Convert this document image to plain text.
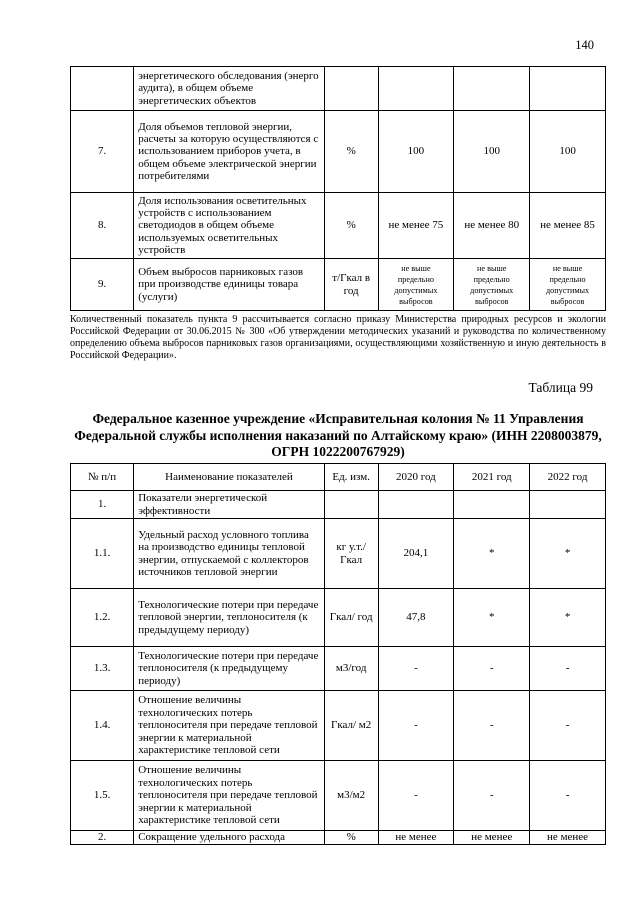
140
	энергетического обследования (энерго аудита), в общем объеме энергетических объектов				
7.	Доля объемов тепловой энергии, расчеты за которую осуществляются с использованием приборов учета, в общем объеме электрической энергии потребителями	%	100	100	100
8.	Доля использования осветительных устройств с использованием светодиодов в общем объеме используемых осветительных устройств	%	не менее 75	не менее 80	не менее 85
9.	Объем выбросов парниковых газов при производстве единицы товара (услуги)	т/Гкал в год	не выше предельно допустимых выбросов	не выше предельно допустимых выбросов	не выше предельно допустимых выбросов
Количественный показатель пункта 9 рассчитывается согласно приказу Министерства природных ресурсов и экологии Российской Федерации от 30.06.2015 № 300 «Об утверждении методических указаний и руководства по количественному определению объема выбросов парниковых газов организациями, осуществляющими хозяйственную и иную деятельность в Российской Федерации».
Таблица 99
Федеральное казенное учреждение «Исправительная колония № 11 Управления Федеральной службы исполнения наказаний по Алтайскому краю» (ИНН 2208003879, ОГРН 1022200767929)
№ п/п	Наименование показателей	Ед. изм.	2020 год	2021 год	2022 год
1.	Показатели энергетической эффективности				
1.1.	Удельный расход условного топлива на производство единицы тепловой энергии, отпускаемой с коллекторов источников тепловой энергии	кг у.т./ Гкал	204,1	*	*
1.2.	Технологические потери при передаче тепловой энергии, теплоносителя (к предыдущему периоду)	Гкал/ год	47,8	*	*
1.3.	Технологические потери при передаче теплоносителя (к предыдущему периоду)	м3/год	-	-	-
1.4.	Отношение величины технологических потерь теплоносителя при передаче тепловой энергии к материальной характеристике тепловой сети	Гкал/ м2	-	-	-
1.5.	Отношение величины технологических потерь теплоносителя при передаче тепловой энергии к материальной характеристике тепловой сети	м3/м2	-	-	-
2.	Сокращение удельного расхода	%	не менее	не менее	не менее
